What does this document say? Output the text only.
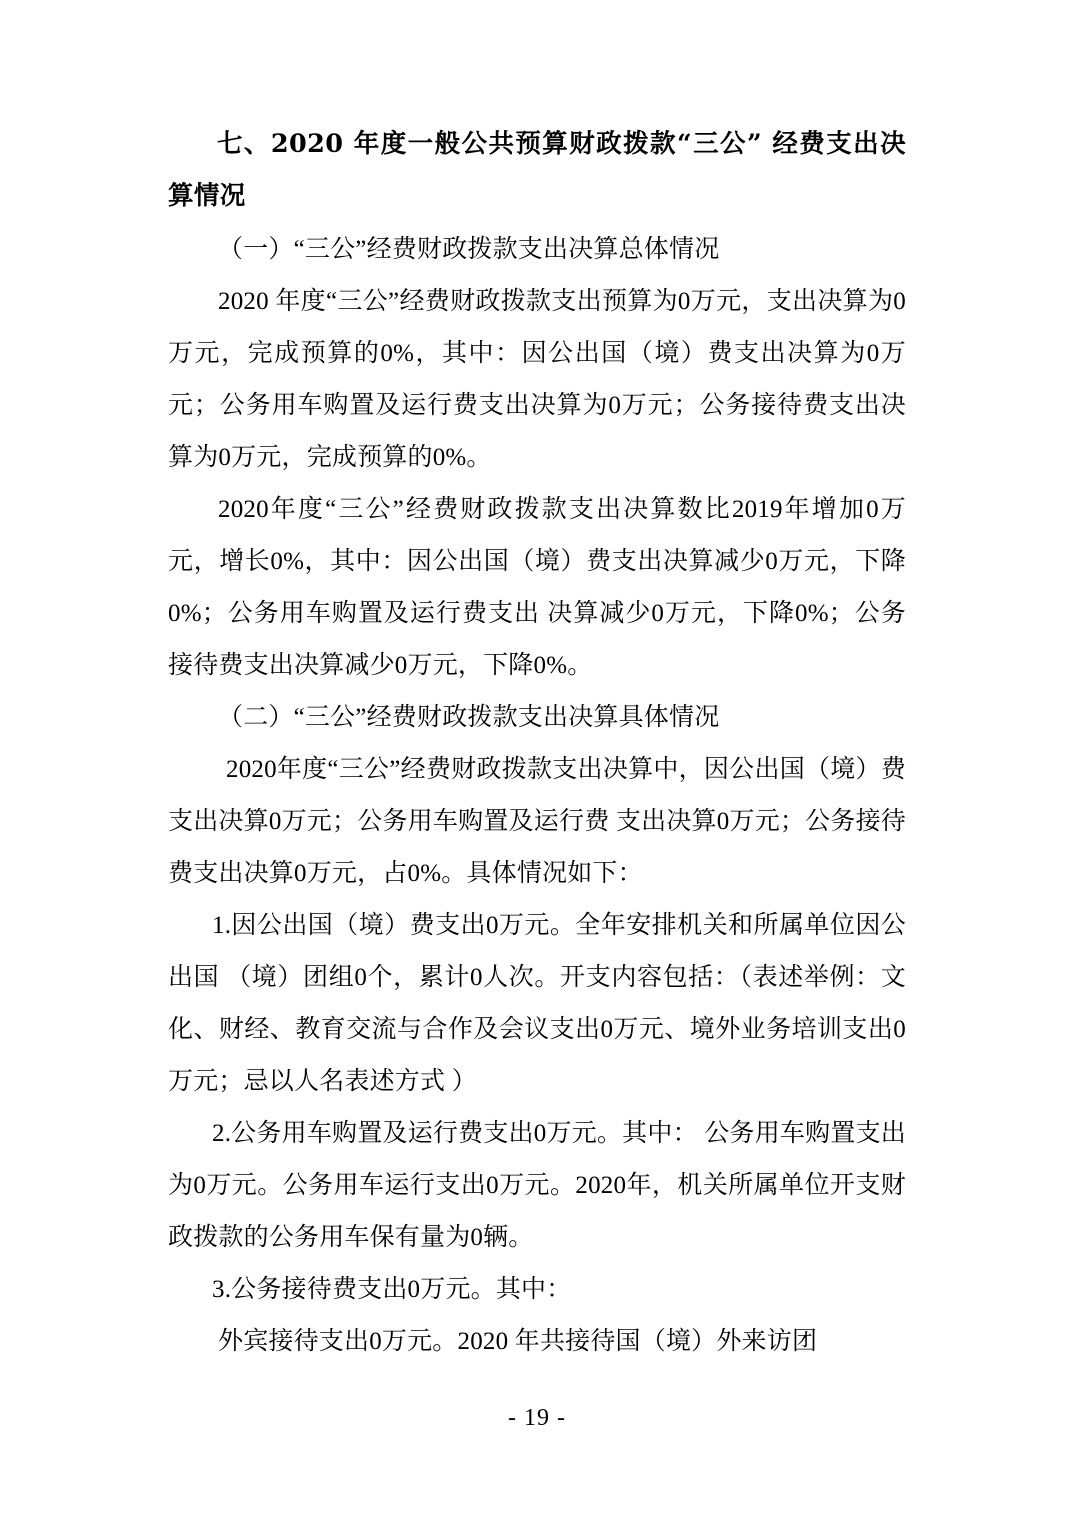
七、2020 年度一般公共预算财政拨款“三公” 经费支出决算情况

（一）“三公”经费财政拨款支出决算总体情况

2020 年度“三公”经费财政拨款支出预算为0万元，支出决算为0万元，完成预算的0%，其中：因公出国（境）费支出决算为0万元；公务用车购置及运行费支出决算为0万元；公务接待费支出决算为0万元，完成预算的0%。

2020年度“三公”经费财政拨款支出决算数比2019年增加0万元，增长0%，其中：因公出国（境）费支出决算减少0万元，下降0%；公务用车购置及运行费支出 决算减少0万元，下降0%；公务接待费支出决算减少0万元，下降0%。

（二）“三公”经费财政拨款支出决算具体情况

2020年度“三公”经费财政拨款支出决算中，因公出国（境）费支出决算0万元；公务用车购置及运行费 支出决算0万元；公务接待费支出决算0万元，占0%。具体情况如下：

1.因公出国（境）费支出0万元。全年安排机关和所属单位因公出国 （境）团组0个，累计0人次。开支内容包括：（表述举例：文化、财经、教育交流与合作及会议支出0万元、境外业务培训支出0万元；忌以人名表述方式 ）

2.公务用车购置及运行费支出0万元。其中： 公务用车购置支出为0万元。公务用车运行支出0万元。2020年，机关所属单位开支财政拨款的公务用车保有量为0辆。

3.公务接待费支出0万元。其中：

外宾接待支出0万元。2020 年共接待国（境）外来访团

- 19 -
